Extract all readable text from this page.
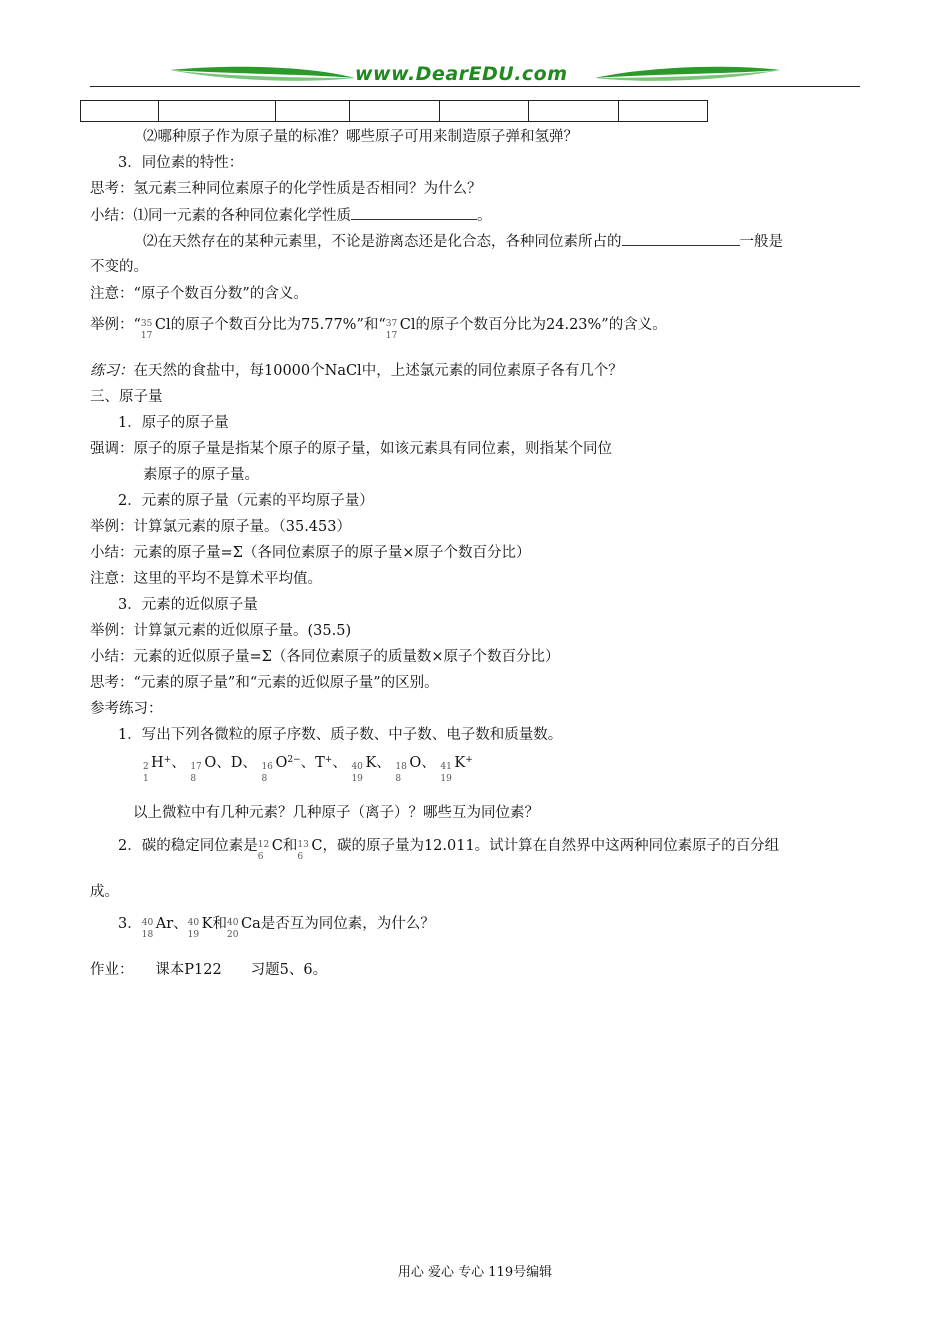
www.DearEDU.com

⑵哪种原子作为原子量的标准？哪些原子可用来制造原子弹和氢弹？
3．同位素的特性：
思考：氢元素三种同位素原子的化学性质是否相同？为什么？
小结：⑴同一元素的各种同位素化学性质	。
⑵在天然存在的某种元素里，不论是游离态还是化合态，各种同位素所占的	一般是
不变的。
注意：“原子个数百分数”的含义。
举例：“ 35
17
Cl的原子个数百分比为75.77%”和“ 37
17
Cl的原子个数百分比为24.23%”的含义。
练习：在天然的食盐中，每10000个NaCl中，上述氯元素的同位素原子各有几个？
三、原子量
1．原子的原子量
强调：原子的原子量是指某个原子的原子量，如该元素具有同位素，则指某个同位
素原子的原子量。
2．元素的原子量（元素的平均原子量）
举例：计算氯元素的原子量。（35.453）
小结：元素的原子量=Σ（各同位素原子的原子量×原子个数百分比）
注意：这里的平均不是算术平均值。
3．元素的近似原子量
举例：计算氯元素的近似原子量。(35.5)
小结：元素的近似原子量=Σ（各同位素原子的质量数×原子个数百分比）
思考：“元素的原子量”和“元素的近似原子量”的区别。
参考练习：
1．写出下列各微粒的原子序数、质子数、中子数、电子数和质量数。
2
1
H+、 17
8
O、D、 16
8
$O^{2-}$、T+、 40
19
K、 18
8
O、 41
19
K+
以上微粒中有几种元素？几种原子（离子）？哪些互为同位素？
2．碳的稳定同位素是 12
6
C和 13
6
C，碳的原子量为12.011。试计算在自然界中这两种同位素原子的百分组
成。
3． 40
18
Ar、 40
19
K和 40
20
Ca是否互为同位素，为什么？
作业：　　课本P122　　习题5、6。
用心 爱心 专心 119号编辑
